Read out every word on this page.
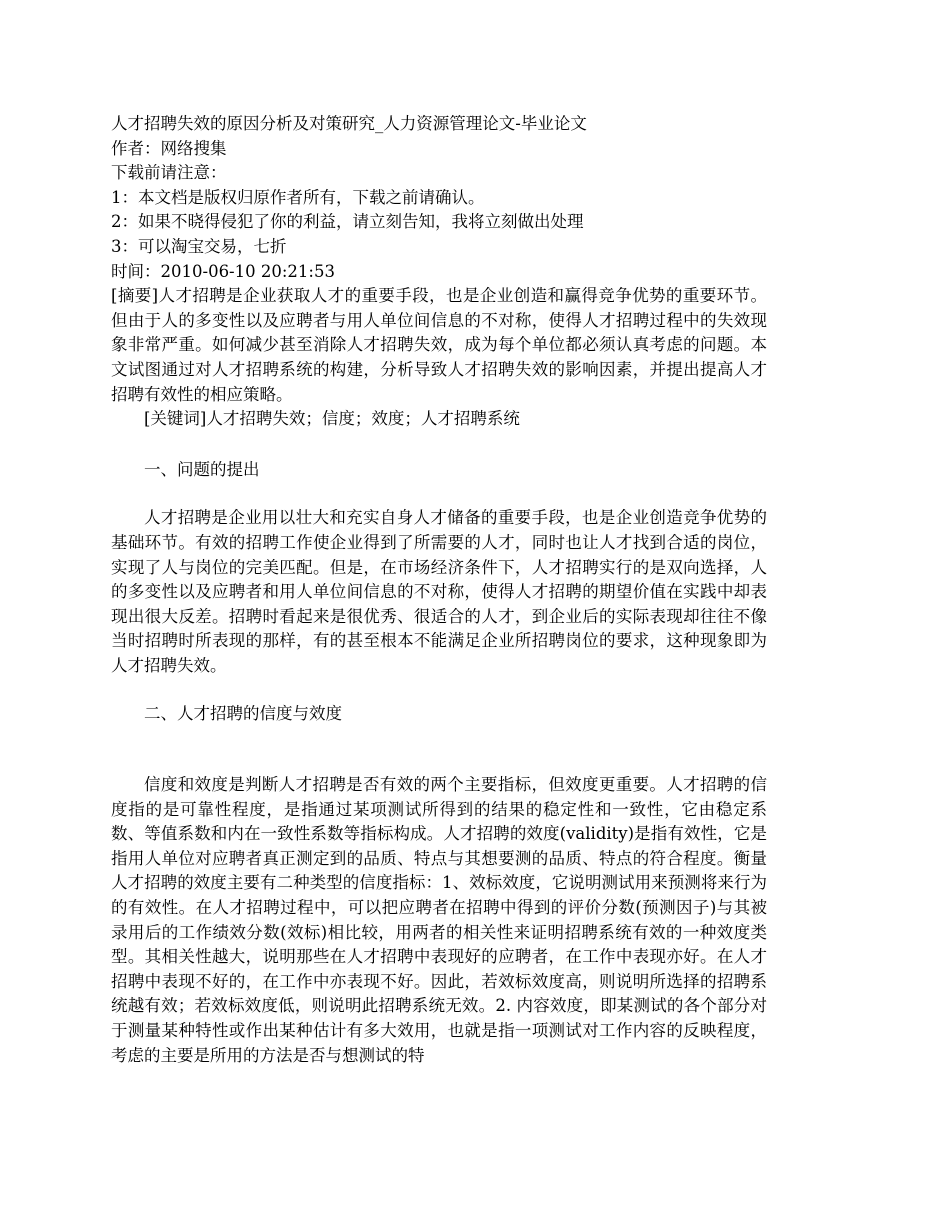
人才招聘失效的原因分析及对策研究_人力资源管理论文-毕业论文
作者：网络搜集
下载前请注意：
1：本文档是版权归原作者所有，下载之前请确认。
2：如果不晓得侵犯了你的利益，请立刻告知，我将立刻做出处理
3：可以淘宝交易，七折
时间：2010-06-10 20:21:53
[摘要]人才招聘是企业获取人才的重要手段，也是企业创造和赢得竞争优势的重要环节。但由于人的多变性以及应聘者与用人单位间信息的不对称，使得人才招聘过程中的失效现象非常严重。如何减少甚至消除人才招聘失效，成为每个单位都必须认真考虑的问题。本文试图通过对人才招聘系统的构建，分析导致人才招聘失效的影响因素，并提出提高人才招聘有效性的相应策略。
[关键词]人才招聘失效；信度；效度；人才招聘系统
一、问题的提出
人才招聘是企业用以壮大和充实自身人才储备的重要手段，也是企业创造竞争优势的基础环节。有效的招聘工作使企业得到了所需要的人才，同时也让人才找到合适的岗位，实现了人与岗位的完美匹配。但是，在市场经济条件下，人才招聘实行的是双向选择，人的多变性以及应聘者和用人单位间信息的不对称，使得人才招聘的期望价值在实践中却表现出很大反差。招聘时看起来是很优秀、很适合的人才，到企业后的实际表现却往往不像当时招聘时所表现的那样，有的甚至根本不能满足企业所招聘岗位的要求，这种现象即为人才招聘失效。
二、人才招聘的信度与效度
信度和效度是判断人才招聘是否有效的两个主要指标，但效度更重要。人才招聘的信度指的是可靠性程度，是指通过某项测试所得到的结果的稳定性和一致性，它由稳定系数、等值系数和内在一致性系数等指标构成。人才招聘的效度(validity)是指有效性，它是指用人单位对应聘者真正测定到的品质、特点与其想要测的品质、特点的符合程度。衡量人才招聘的效度主要有二种类型的信度指标：1、效标效度，它说明测试用来预测将来行为的有效性。在人才招聘过程中，可以把应聘者在招聘中得到的评价分数(预测因子)与其被录用后的工作绩效分数(效标)相比较，用两者的相关性来证明招聘系统有效的一种效度类型。其相关性越大，说明那些在人才招聘中表现好的应聘者，在工作中表现亦好。在人才招聘中表现不好的，在工作中亦表现不好。因此，若效标效度高，则说明所选择的招聘系统越有效；若效标效度低，则说明此招聘系统无效。2. 内容效度，即某测试的各个部分对于测量某种特性或作出某种估计有多大效用，也就是指一项测试对工作内容的反映程度，考虑的主要是所用的方法是否与想测试的特
